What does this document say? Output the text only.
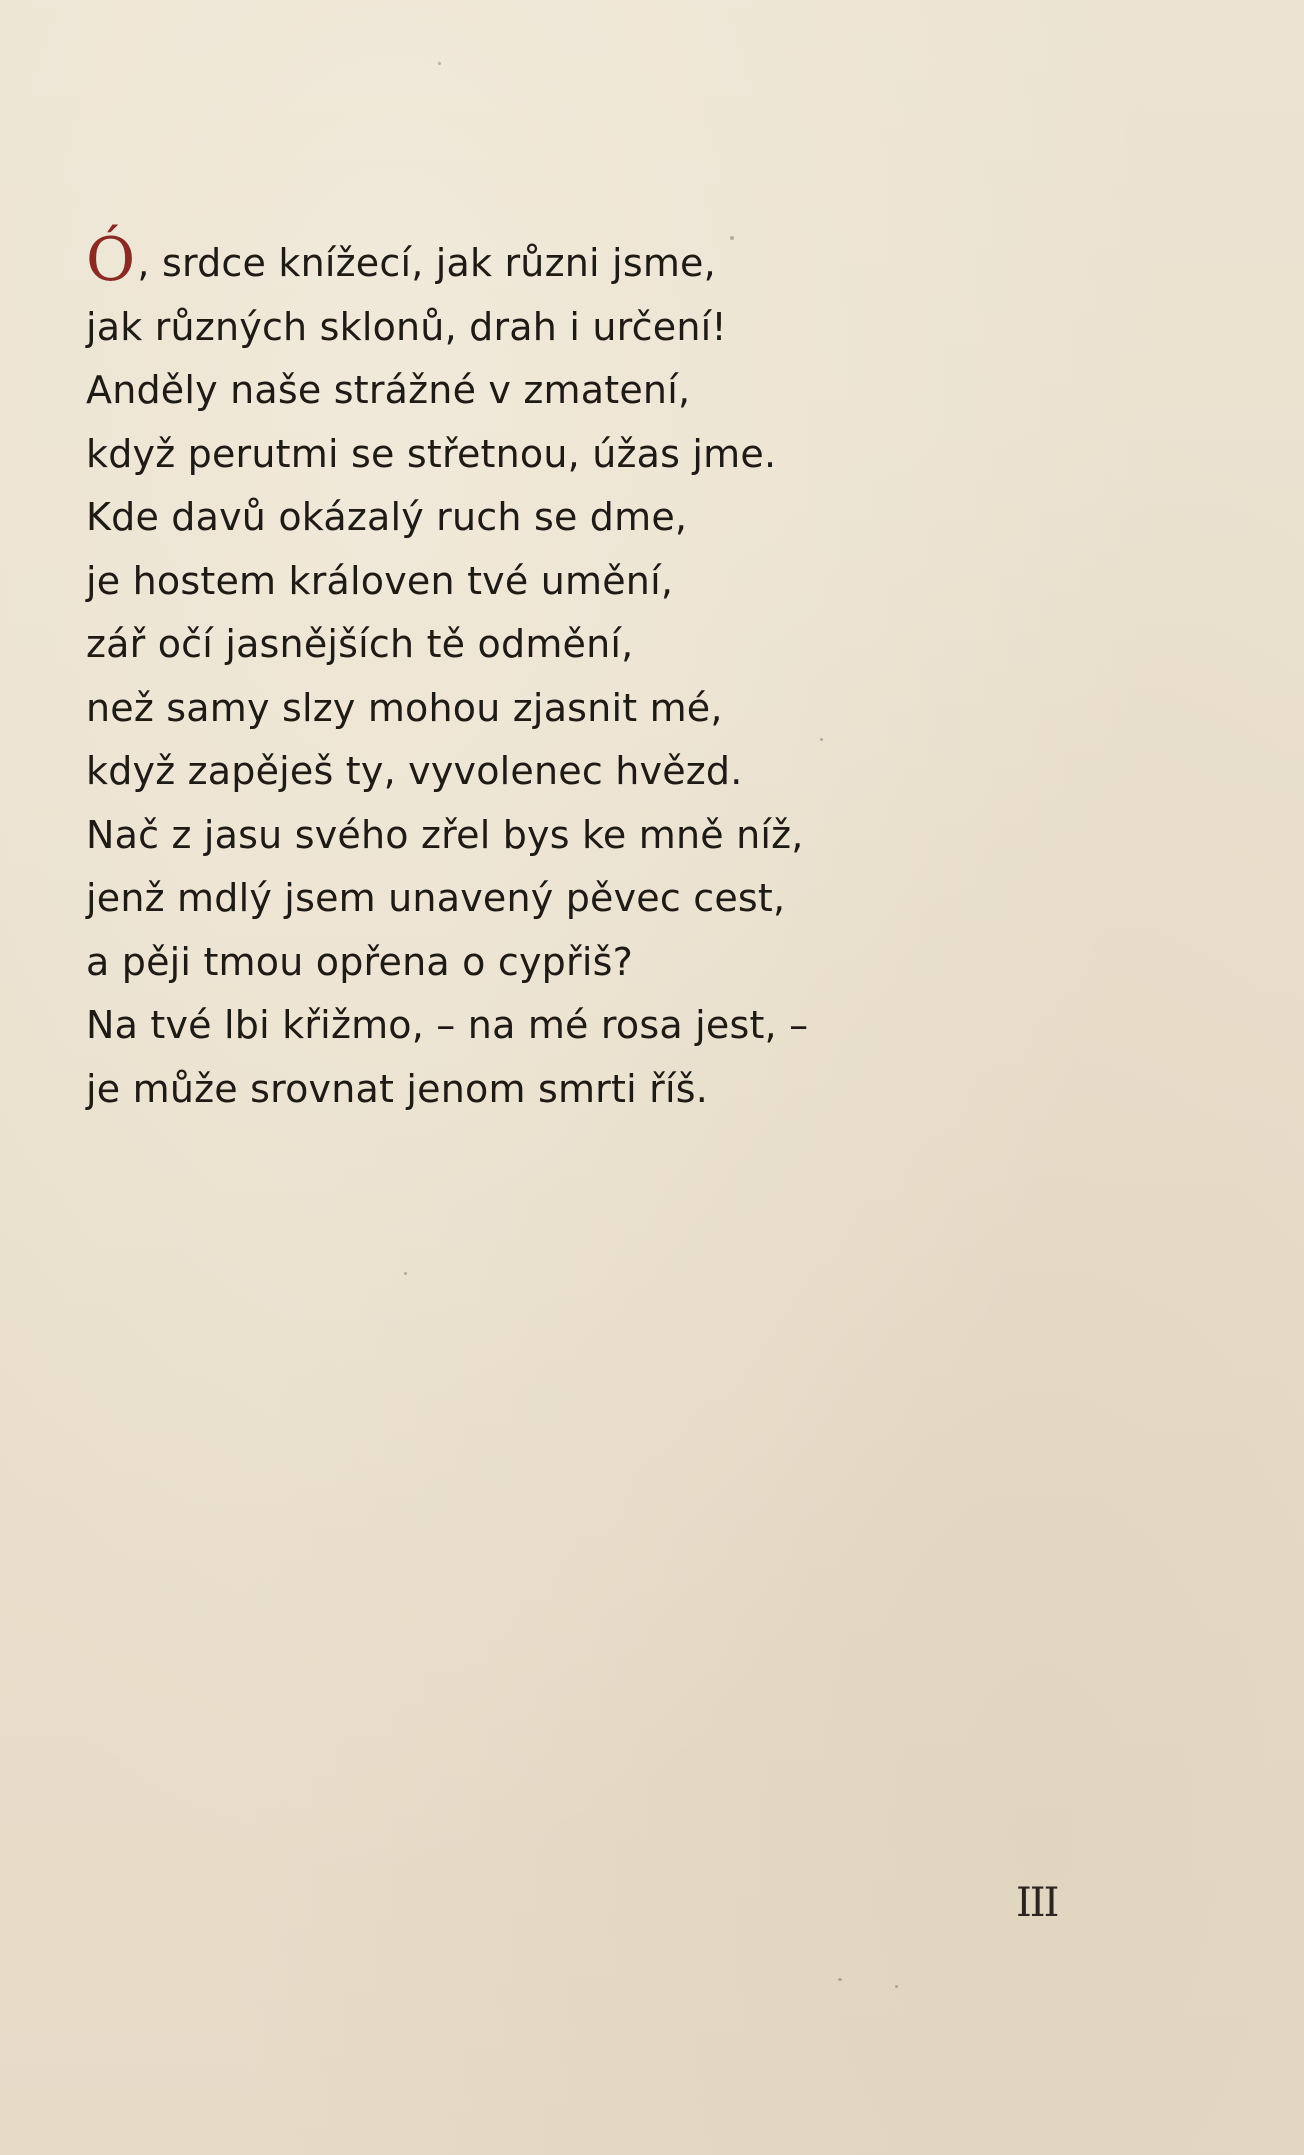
Ó, srdce knížecí, jak různi jsme,
jak různých sklonů, drah i určení!
Anděly naše strážné v zmatení,
když perutmi se střetnou, úžas jme.
Kde davů okázalý ruch se dme,
je hostem královen tvé umění,
zář očí jasnějších tě odmění,
než samy slzy mohou zjasnit mé,
když zapěješ ty, vyvolenec hvězd.
Nač z jasu svého zřel bys ke mně níž,
jenž mdlý jsem unavený pěvec cest,
a pěji tmou opřena o cypřiš?
Na tvé lbi křižmo, – na mé rosa jest, –
je může srovnat jenom smrti říš.
III
